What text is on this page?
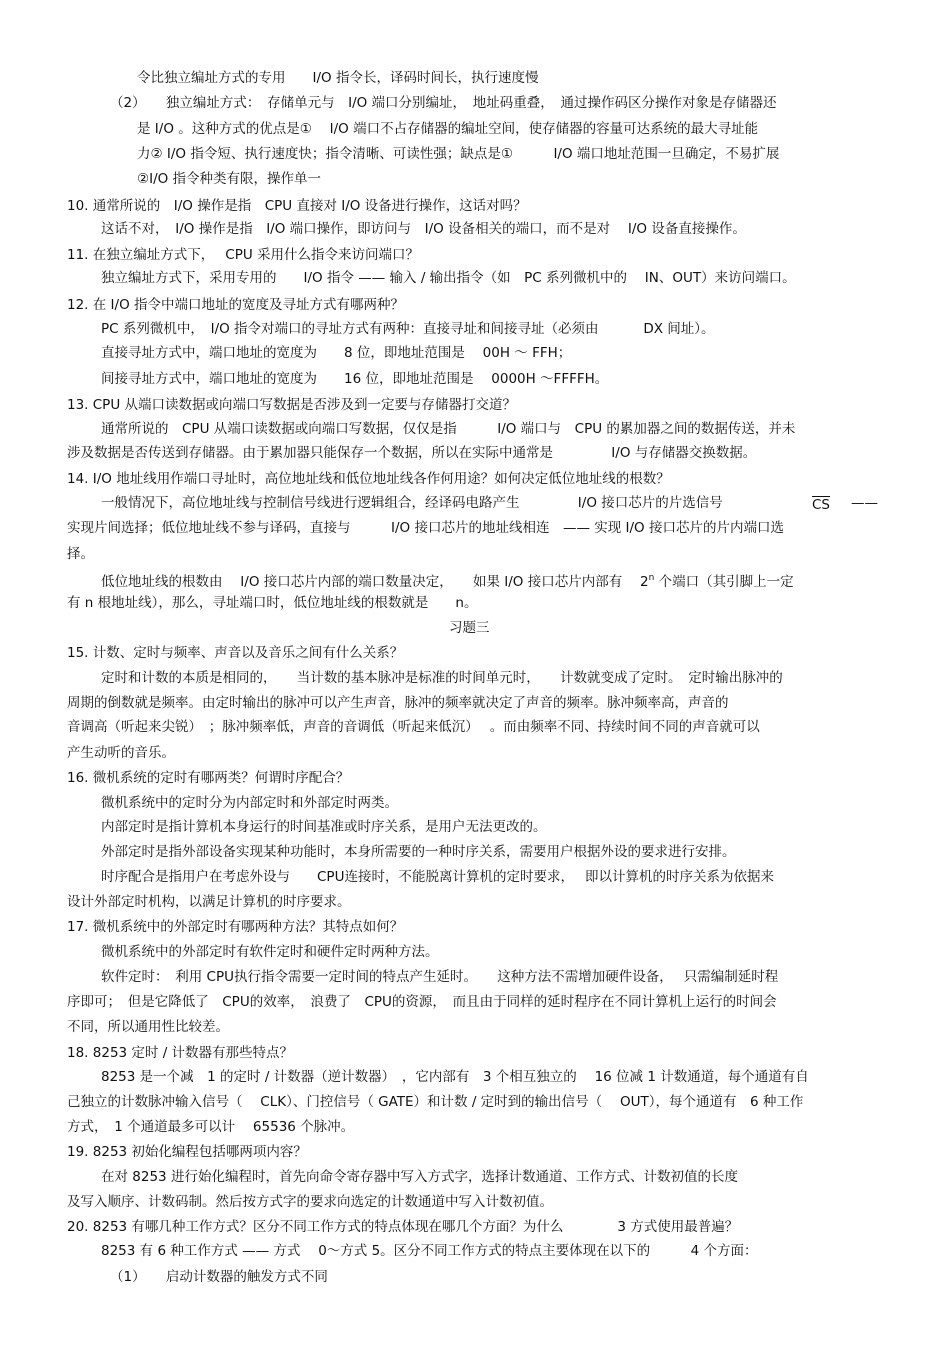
令比独立编址方式的专用　　I/O 指令长，译码时间长，执行速度慢
（2）　　独立编址方式：　存储单元与　I/O 端口分别编址，　地址码重叠，　通过操作码区分操作对象是存储器还
是 I/O 。这种方式的优点是①　 I/O 端口不占存储器的编址空间，使存储器的容量可达系统的最大寻址能
力② I/O 指令短、执行速度快；指令清晰、可读性强；缺点是①　　　I/O 端口地址范围一旦确定，不易扩展
②I/O 指令种类有限，操作单一
10. 通常所说的　I/O 操作是指　CPU 直接对 I/O 设备进行操作，这话对吗？
这话不对，　I/O 操作是指　I/O 端口操作，即访问与　I/O 设备相关的端口，而不是对　 I/O 设备直接操作。
11. 在独立编址方式下，　 CPU 采用什么指令来访问端口？
独立编址方式下，采用专用的　　I/O 指令 —— 输入 / 输出指令（如　PC 系列微机中的　 IN、OUT）来访问端口。
12. 在 I/O 指令中端口地址的宽度及寻址方式有哪两种？
PC 系列微机中，　I/O 指令对端口的寻址方式有两种：直接寻址和间接寻址（必须由　　　 DX 间址）。
直接寻址方式中，端口地址的宽度为　　8 位，即地址范围是　 00H ～ FFH；
间接寻址方式中，端口地址的宽度为　　16 位，即地址范围是　 0000H ～FFFFH。
13. CPU 从端口读数据或向端口写数据是否涉及到一定要与存储器打交道？
通常所说的　CPU 从端口读数据或向端口写数据，仅仅是指　　　I/O 端口与　CPU 的累加器之间的数据传送，并未
涉及数据是否传送到存储器。由于累加器只能保存一个数据，所以在实际中通常是　　　　 I/O 与存储器交换数据。
14. I/O 地址线用作端口寻址时，高位地址线和低位地址线各作何用途？如何决定低位地址线的根数？
一般情况下，高位地址线与控制信号线进行逻辑组合，经译码电路产生　　　　 I/O 接口芯片的片选信号	$\overline{CS}$ ——
实现片间选择；低位地址线不参与译码，直接与　　　I/O 接口芯片的地址线相连　—— 实现 I/O 接口芯片的片内端口选
择。
低位地址线的根数由　 I/O 接口芯片内部的端口数量决定，　　如果 I/O 接口芯片内部有　 2$^n$ 个端口（其引脚上一定
有 n 根地址线），那么，寻址端口时，低位地址线的根数就是　　n。
习题三
15. 计数、定时与频率、声音以及音乐之间有什么关系？
定时和计数的本质是相同的，　　当计数的基本脉冲是标准的时间单元时，　　计数就变成了定时。　定时输出脉冲的
周期的倒数就是频率。由定时输出的脉冲可以产生声音，脉冲的频率就决定了声音的频率。脉冲频率高，声音的
音调高（听起来尖锐）　；脉冲频率低，声音的音调低（听起来低沉）　 。而由频率不同、持续时间不同的声音就可以
产生动听的音乐。
16. 微机系统的定时有哪两类？何谓时序配合？
微机系统中的定时分为内部定时和外部定时两类。
内部定时是指计算机本身运行的时间基准或时序关系，是用户无法更改的。
外部定时是指外部设备实现某种功能时，本身所需要的一种时序关系，需要用户根据外设的要求进行安排。
时序配合是指用户在考虑外设与　　CPU连接时，不能脱离计算机的定时要求，　 即以计算机的时序关系为依据来
设计外部定时机构，以满足计算机的时序要求。
17. 微机系统中的外部定时有哪两种方法？其特点如何？
微机系统中的外部定时有软件定时和硬件定时两种方法。
软件定时：　利用 CPU执行指令需要一定时间的特点产生延时。　　这种方法不需增加硬件设备，　 只需编制延时程
序即可；　但是它降低了　CPU的效率，　浪费了　CPU的资源，　而且由于同样的延时程序在不同计算机上运行的时间会
不同，所以通用性比较差。
18. 8253 定时 / 计数器有那些特点？
8253 是一个减　1 的定时 / 计数器（逆计数器）　，它内部有　3 个相互独立的　 16 位减 1 计数通道，每个通道有自
己独立的计数脉冲输入信号（　 CLK）、门控信号（ GATE）和计数 / 定时到的输出信号（　 OUT），每个通道有　6 种工作
方式，　1 个通道最多可以计　 65536 个脉冲。
19. 8253 初始化编程包括哪两项内容？
在对 8253 进行始化编程时，首先向命令寄存器中写入方式字，选择计数通道、工作方式、计数初值的长度
及写入顺序、计数码制。然后按方式字的要求向选定的计数通道中写入计数初值。
20. 8253 有哪几种工作方式？区分不同工作方式的特点体现在哪几个方面？为什么　　　　3 方式使用最普遍？
8253 有 6 种工作方式 —— 方式　 0～方式 5。区分不同工作方式的特点主要体现在以下的　　　4 个方面：
（1）　　启动计数器的触发方式不同
